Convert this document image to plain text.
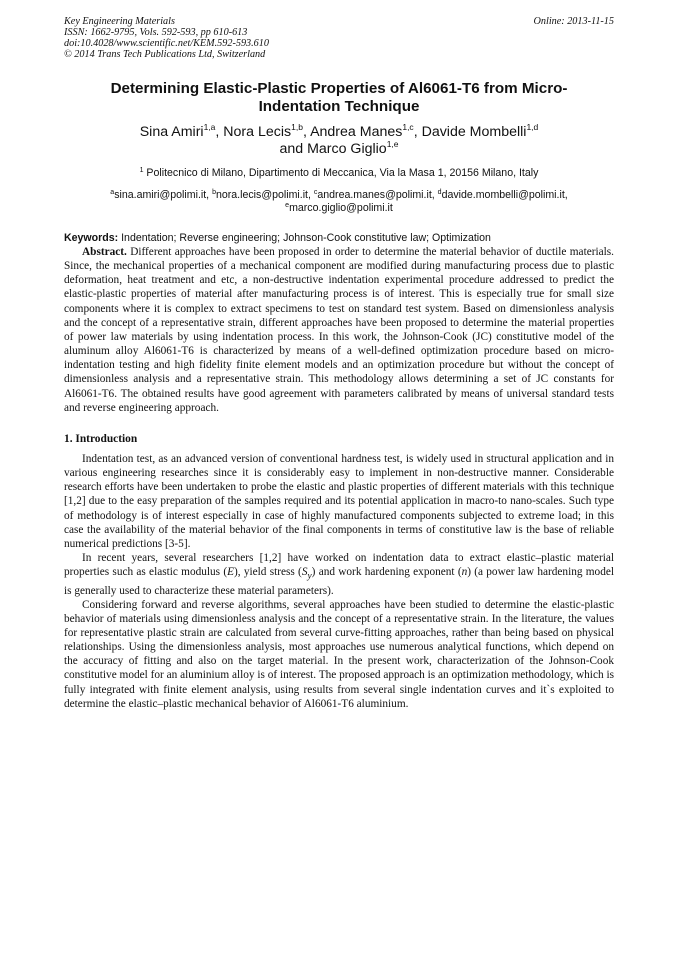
Key Engineering Materials
ISSN: 1662-9795, Vols. 592-593, pp 610-613
doi:10.4028/www.scientific.net/KEM.592-593.610
© 2014 Trans Tech Publications Ltd, Switzerland
Online: 2013-11-15
Determining Elastic-Plastic Properties of Al6061-T6 from Micro-Indentation Technique
Sina Amiri$^{1,a}$, Nora Lecis$^{1,b}$, Andrea Manes$^{1,c}$, Davide Mombelli$^{1,d}$
and Marco Giglio$^{1,e}$
$^1$ Politecnico di Milano, Dipartimento di Meccanica, Via la Masa 1, 20156 Milano, Italy
$^a$sina.amiri@polimi.it, $^b$nora.lecis@polimi.it, $^c$andrea.manes@polimi.it, $^d$davide.mombelli@polimi.it,
$^e$marco.giglio@polimi.it
Keywords: Indentation; Reverse engineering; Johnson-Cook constitutive law; Optimization

Abstract. Different approaches have been proposed in order to determine the material behavior of ductile materials. Since, the mechanical properties of a mechanical component are modified during manufacturing process due to plastic deformation, heat treatment and etc, a non-destructive indentation experimental procedure addressed to predict the elastic-plastic properties of material after manufacturing process is of interest. This is especially true for small size components where it is complex to extract specimens to test on standard test system. Based on dimensionless analysis and the concept of a representative strain, different approaches have been proposed to determine the material properties of power law materials by using indentation process. In this work, the Johnson-Cook (JC) constitutive model of the aluminum alloy Al6061-T6 is characterized by means of a well-defined optimization procedure based on micro-indentation testing and high fidelity finite element models and an optimization procedure but without the concept of dimensionless analysis and a representative strain. This methodology allows determining a set of JC constants for Al6061-T6. The obtained results have good agreement with parameters calibrated by means of universal standard tests and reverse engineering approach.

1. Introduction

Indentation test, as an advanced version of conventional hardness test, is widely used in structural application and in various engineering researches since it is considerably easy to implement in non-destructive manner. Considerable research efforts have been undertaken to probe the elastic and plastic properties of different materials with this technique [1,2] due to the easy preparation of the samples required and its potential application in macro-to nano-scales. Such type of methodology is of interest especially in case of highly manufactured components subjected to extreme load; in this case the availability of the material behavior of the final components in terms of constitutive law is the base of reliable numerical predictions [3-5].

In recent years, several researchers [1,2] have worked on indentation data to extract elastic–plastic material properties such as elastic modulus (E), yield stress $(S_y)$ and work hardening exponent (n) (a power law hardening model is generally used to characterize these material parameters).

Considering forward and reverse algorithms, several approaches have been studied to determine the elastic-plastic behavior of materials using dimensionless analysis and the concept of a representative strain. In the literature, the values for representative plastic strain are calculated from several curve-fitting approaches, rather than being based on physical relationships. Using the dimensionless analysis, most approaches use numerous analytical functions, which depend on the accuracy of fitting and also on the target material. In the present work, characterization of the Johnson-Cook constitutive model for an aluminium alloy is of interest. The proposed approach is an optimization methodology, which is fully integrated with finite element analysis, using results from several single indentation curves and it`s exploited to determine the elastic–plastic mechanical behavior of Al6061-T6 aluminium.
